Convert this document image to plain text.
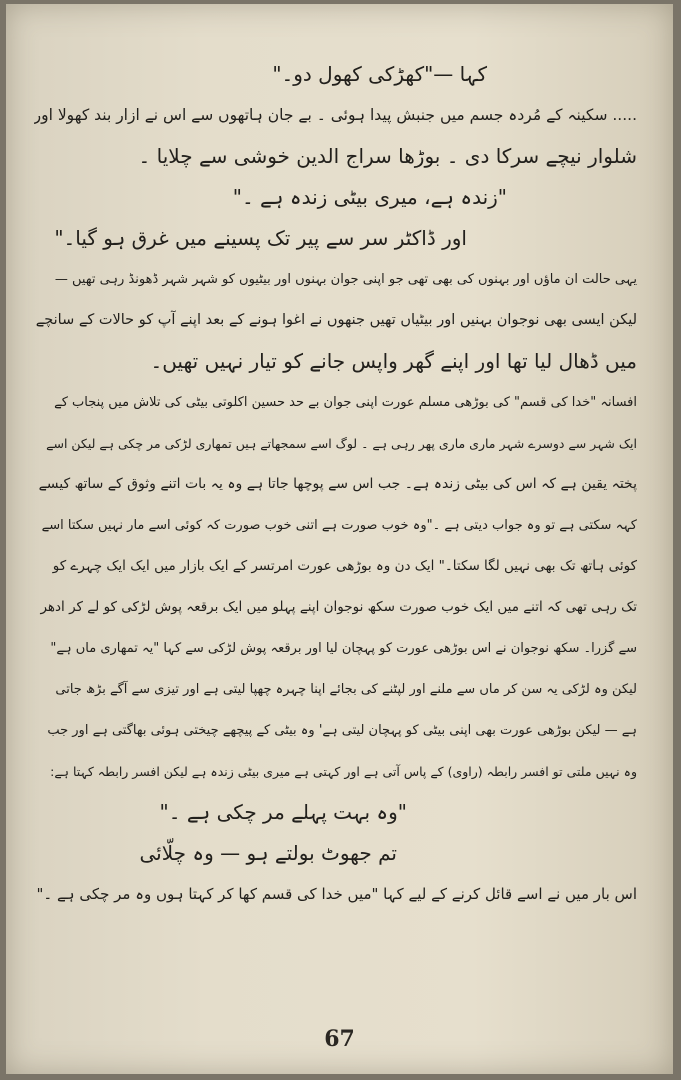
کہا —"کھڑکی کھول دو۔"
..... سکینہ کے مُردہ جسم میں جنبش پیدا ہوئی ۔ بے جان ہاتھوں سے اس نے ازار بند کھولا اور
شلوار نیچے سرکا دی ۔ بوڑھا سراج الدین خوشی سے چلایا ۔
"زندہ ہے، میری بیٹی زندہ ہے ۔"
اور ڈاکٹر سر سے پیر تک پسینے میں غرق ہو گیا۔"
یہی حالت ان ماؤں اور بہنوں کی بھی تھی جو اپنی جوان بہنوں اور بیٹیوں کو شہر شہر ڈھونڈ رہی تھیں —
لیکن ایسی بھی نوجوان بہنیں اور بیٹیاں تھیں جنھوں نے اغوا ہونے کے بعد اپنے آپ کو حالات کے سانچے
میں ڈھال لیا تھا اور اپنے گھر واپس جانے کو تیار نہیں تھیں۔
افسانہ "خدا کی قسم" کی بوڑھی مسلم عورت اپنی جوان بے حد حسین اکلوتی بیٹی کی تلاش میں پنجاب کے
ایک شہر سے دوسرے شہر ماری ماری پھر رہی ہے ۔ لوگ اسے سمجھاتے ہیں تمھاری لڑکی مر چکی ہے لیکن اسے
پختہ یقین ہے کہ اس کی بیٹی زندہ ہے۔ جب اس سے پوچھا جاتا ہے وہ یہ بات اتنے وثوق کے ساتھ کیسے
کہہ سکتی ہے تو وہ جواب دیتی ہے ۔"وہ خوب صورت ہے اتنی خوب صورت کہ کوئی اسے مار نہیں سکتا اسے
کوئی ہاتھ تک بھی نہیں لگا سکتا۔" ایک دن وہ بوڑھی عورت امرتسر کے ایک بازار میں ایک ایک چہرے کو
تک رہی تھی کہ اتنے میں ایک خوب صورت سکھ نوجوان اپنے پہلو میں ایک برقعہ پوش لڑکی کو لے کر ادھر
سے گزرا۔ سکھ نوجوان نے اس بوڑھی عورت کو پہچان لیا اور برقعہ پوش لڑکی سے کہا "یہ تمھاری ماں ہے"
لیکن وہ لڑکی یہ سن کر ماں سے ملنے اور لپٹنے کی بجائے اپنا چہرہ چھپا لیتی ہے اور تیزی سے آگے بڑھ جاتی
ہے — لیکن بوڑھی عورت بھی اپنی بیٹی کو پہچان لیتی ہے' وہ بیٹی کے پیچھے چیختی ہوئی بھاگتی ہے اور جب
وہ نہیں ملتی تو افسر رابطہ (راوی) کے پاس آتی ہے اور کہتی ہے میری بیٹی زندہ ہے لیکن افسر رابطہ کہتا ہے:
"وہ بہت پہلے مر چکی ہے ۔"
تم جھوٹ بولتے ہو — وہ چلّائی
اس بار میں نے اسے قائل کرنے کے لیے کہا "میں خدا کی قسم کھا کر کہتا ہوں وہ مر چکی ہے ۔"
67
